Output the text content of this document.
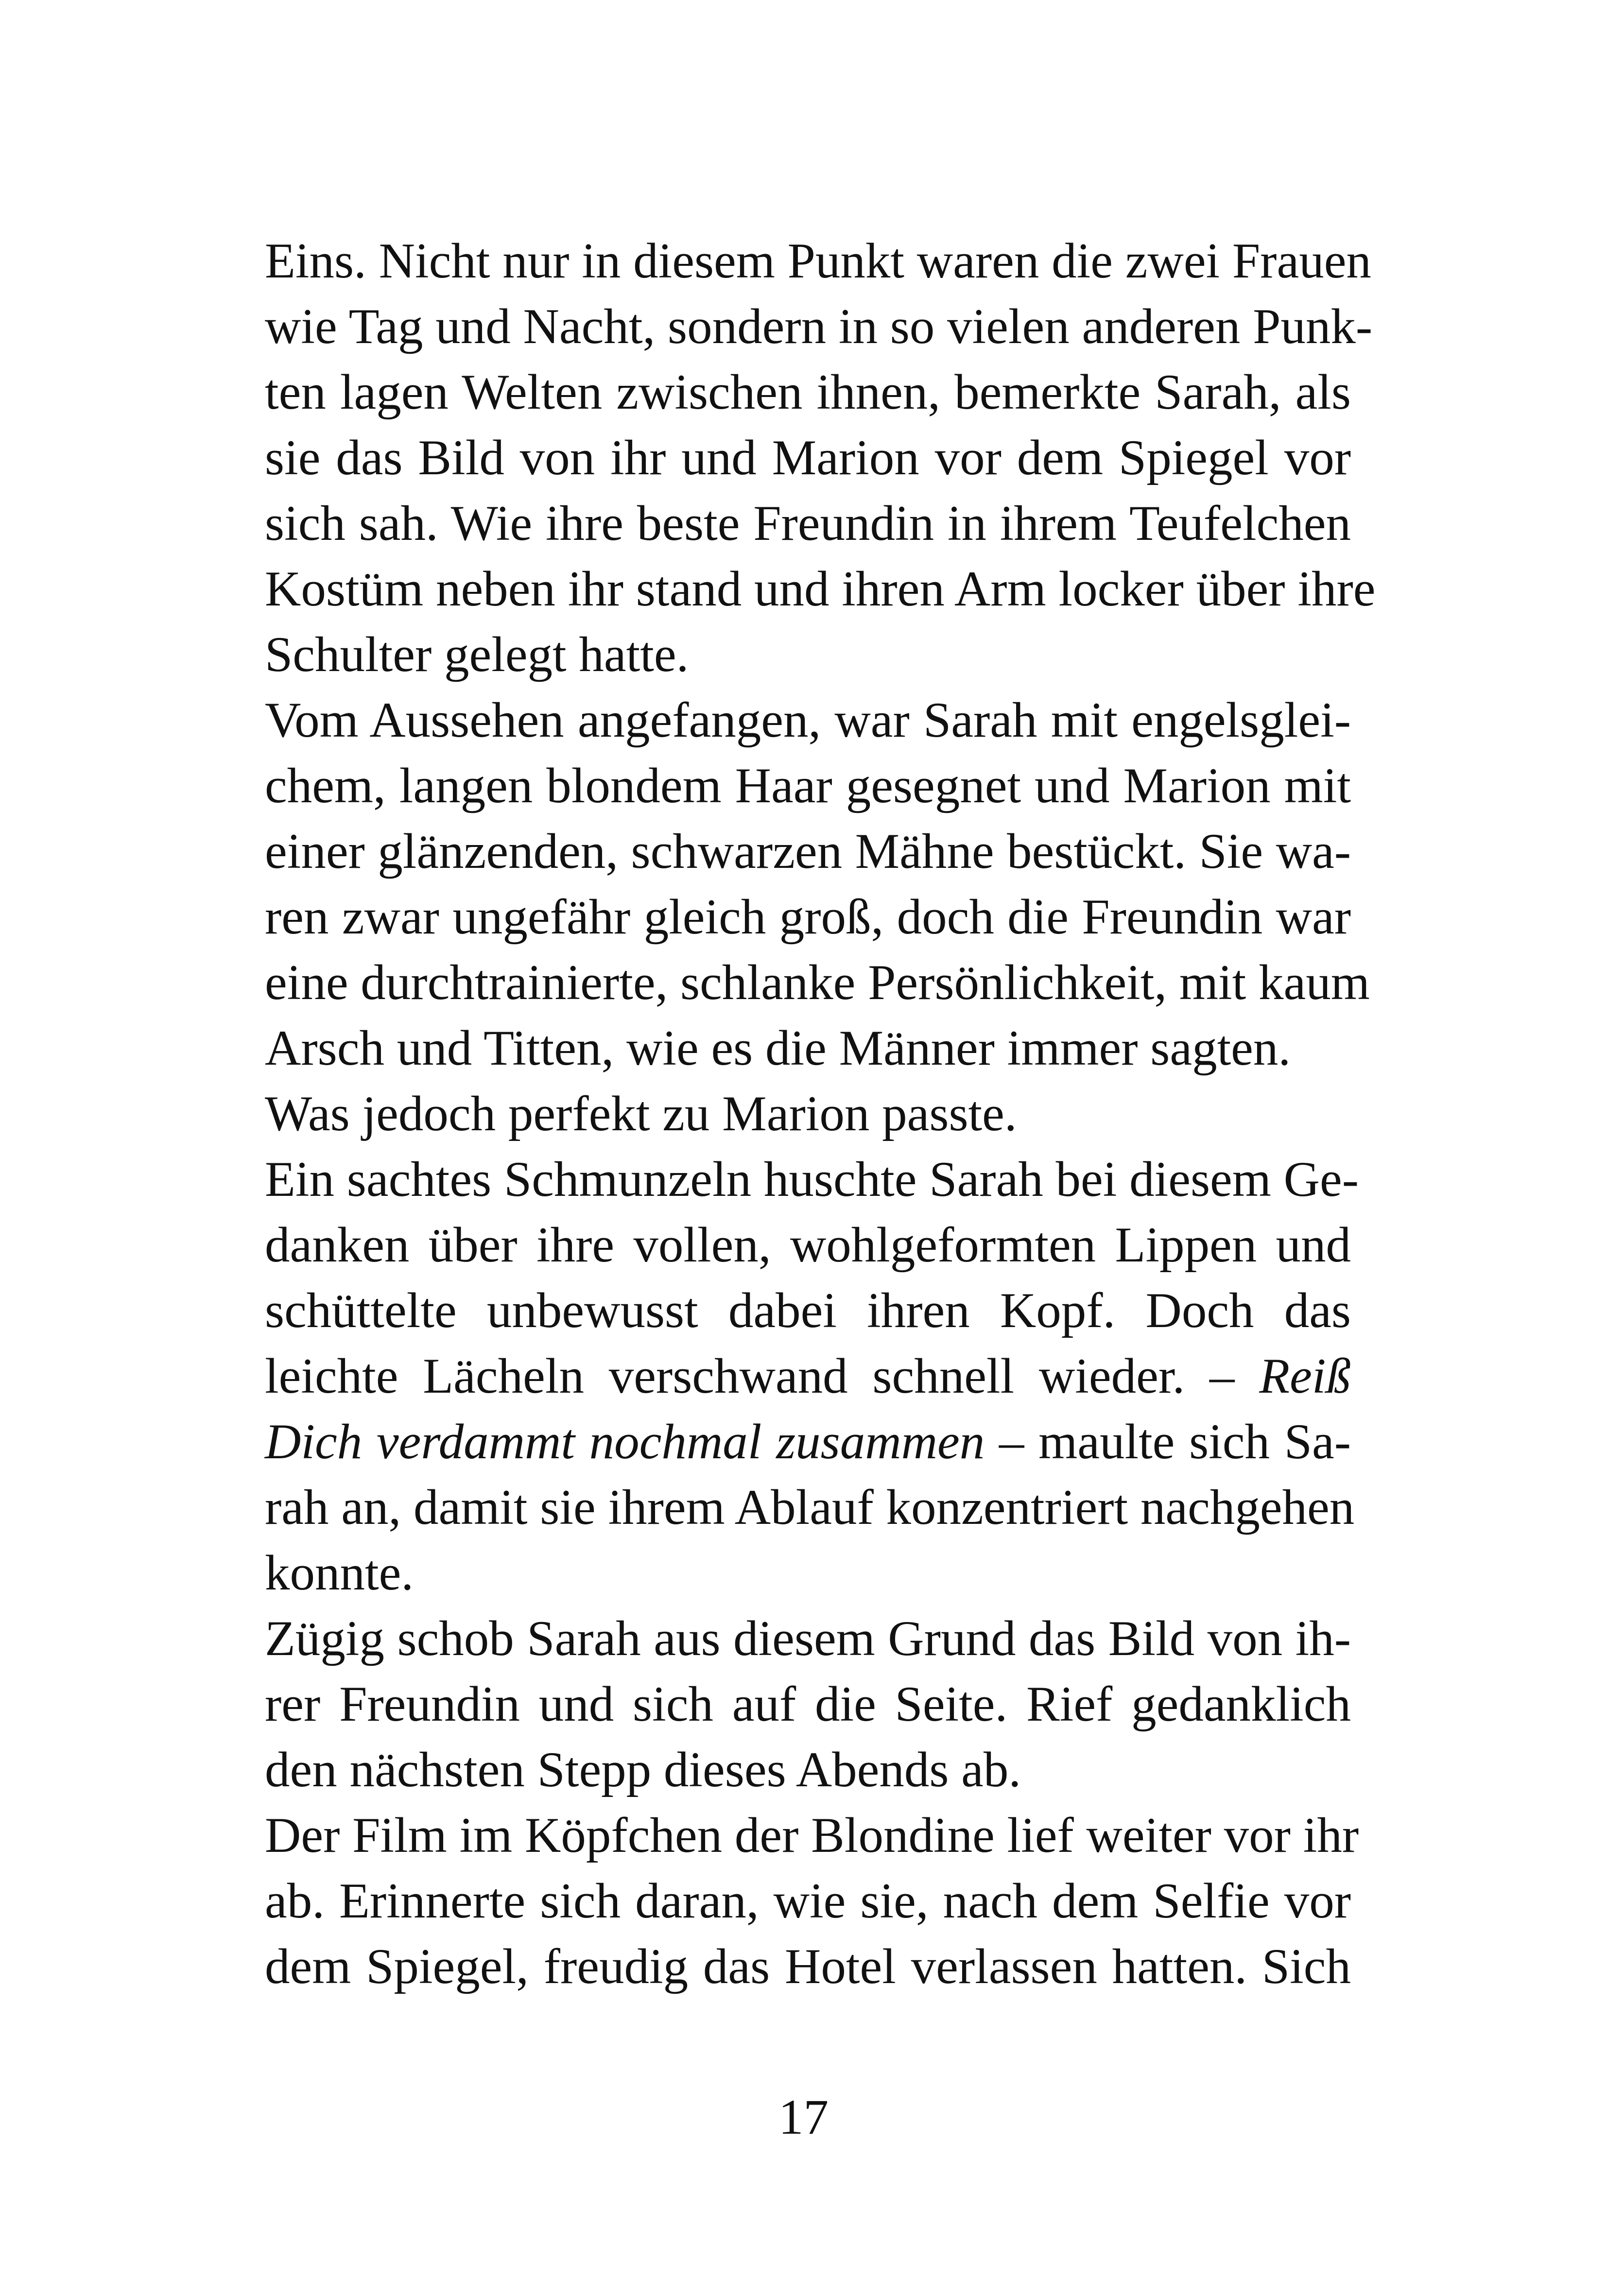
Eins. Nicht nur in diesem Punkt waren die zwei Frauen
wie Tag und Nacht, sondern in so vielen anderen Punk-
ten lagen Welten zwischen ihnen, bemerkte Sarah, als
sie das Bild von ihr und Marion vor dem Spiegel vor
sich sah. Wie ihre beste Freundin in ihrem Teufelchen
Kostüm neben ihr stand und ihren Arm locker über ihre
Schulter gelegt hatte.
Vom Aussehen angefangen, war Sarah mit engelsglei-
chem, langen blondem Haar gesegnet und Marion mit
einer glänzenden, schwarzen Mähne bestückt. Sie wa-
ren zwar ungefähr gleich groß, doch die Freundin war
eine durchtrainierte, schlanke Persönlichkeit, mit kaum
Arsch und Titten, wie es die Männer immer sagten.
Was jedoch perfekt zu Marion passte.
Ein sachtes Schmunzeln huschte Sarah bei diesem Ge-
danken über ihre vollen, wohlgeformten Lippen und
schüttelte unbewusst dabei ihren Kopf. Doch das
leichte Lächeln verschwand schnell wieder. – Reiß
Dich verdammt nochmal zusammen – maulte sich Sa-
rah an, damit sie ihrem Ablauf konzentriert nachgehen
konnte.
Zügig schob Sarah aus diesem Grund das Bild von ih-
rer Freundin und sich auf die Seite. Rief gedanklich
den nächsten Stepp dieses Abends ab.
Der Film im Köpfchen der Blondine lief weiter vor ihr
ab. Erinnerte sich daran, wie sie, nach dem Selfie vor
dem Spiegel, freudig das Hotel verlassen hatten. Sich
17
